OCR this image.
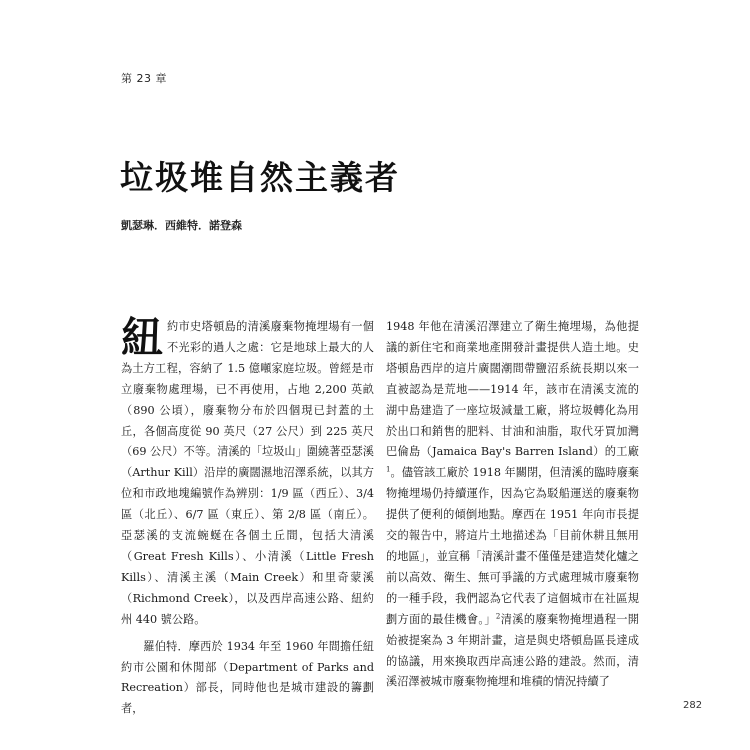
第 23 章
垃圾堆自然主義者
凱瑟琳．西維特．諾登森

紐約市史塔頓島的清溪廢棄物掩埋場有一個不光彩的過人之處：它是地球上最大的人為土方工程，容納了 1.5 億噸家庭垃圾。曾經是市立廢棄物處理場，已不再使用，占地 2,200 英畝（890 公頃），廢棄物分布於四個現已封蓋的土丘，各個高度從 90 英尺（27 公尺）到 225 英尺（69 公尺）不等。清溪的「垃圾山」圍繞著亞瑟溪（Arthur Kill）沿岸的廣闊濕地沼澤系統，以其方位和市政地塊編號作為辨別：1/9 區（西丘）、3/4 區（北丘）、6/7 區（東丘）、第 2/8 區（南丘）。亞瑟溪的支流蜿蜒在各個土丘間，包括大清溪（Great Fresh Kills）、小清溪（Little Fresh Kills）、清溪主溪（Main Creek）和里奇蒙溪（Richmond Creek），以及西岸高速公路、紐約州 440 號公路。

羅伯特．摩西於 1934 年至 1960 年間擔任紐約市公園和休閒部（Department of Parks and Recreation）部長，同時他也是城市建設的籌劃者，

1948 年他在清溪沼澤建立了衛生掩埋場，為他提議的新住宅和商業地產開發計畫提供人造土地。史塔頓島西岸的這片廣闊潮間帶鹽沼系統長期以來一直被認為是荒地——1914 年，該市在清溪支流的湖中島建造了一座垃圾減量工廠，將垃圾轉化為用於出口和銷售的肥料、甘油和油脂，取代牙買加灣巴倫島（Jamaica Bay's Barren Island）的工廠$^1$。儘管該工廠於 1918 年關閉，但清溪的臨時廢棄物掩埋場仍持續運作，因為它為駁船運送的廢棄物提供了便利的傾倒地點。摩西在 1951 年向市長提交的報告中，將這片土地描述為「目前休耕且無用的地區」，並宣稱「清溪計畫不僅僅是建造焚化爐之前以高效、衛生、無可爭議的方式處理城市廢棄物的一種手段，我們認為它代表了這個城市在社區規劃方面的最佳機會。」$^2$清溪的廢棄物掩埋過程一開始被提案為 3 年期計畫，這是與史塔頓島區長達成的協議，用來換取西岸高速公路的建設。然而，清溪沼澤被城市廢棄物掩埋和堆積的情況持續了

282
